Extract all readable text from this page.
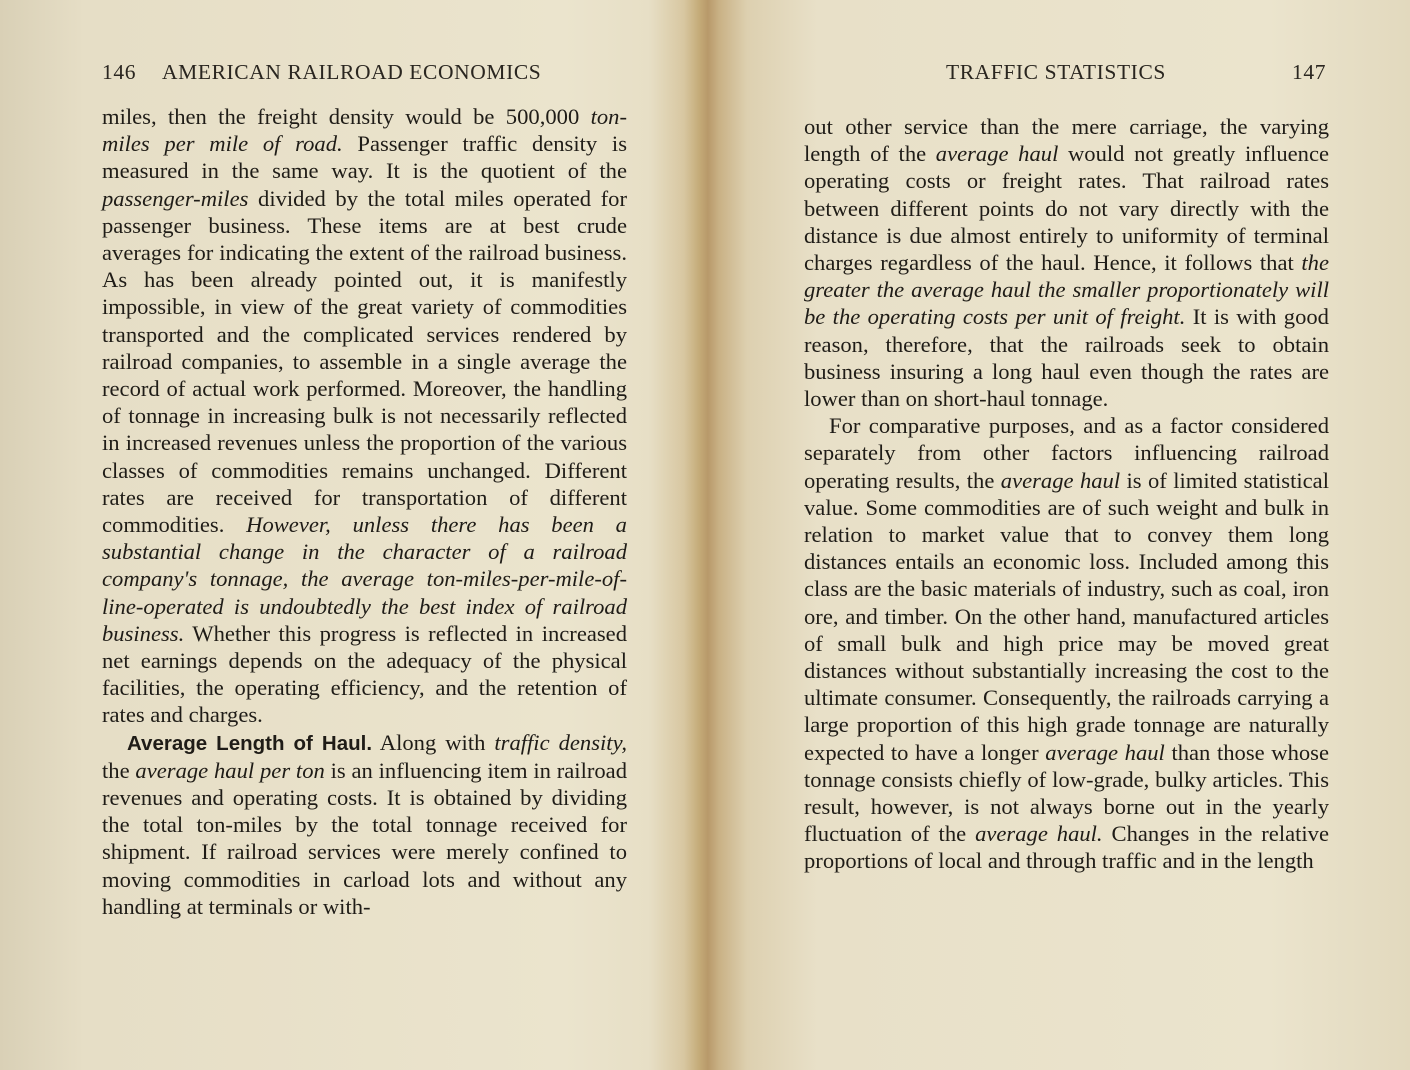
146 AMERICAN RAILROAD ECONOMICS

miles, then the freight density would be 500,000 ton-miles per mile of road. Passenger traffic density is measured in the same way. It is the quotient of the passenger-miles divided by the total miles operated for passenger business. These items are at best crude averages for indicating the extent of the railroad business. As has been already pointed out, it is manifestly impossible, in view of the great variety of commodities transported and the complicated services rendered by railroad companies, to assemble in a single average the record of actual work performed. Moreover, the handling of tonnage in increasing bulk is not necessarily reflected in increased revenues unless the proportion of the various classes of commodities remains unchanged. Different rates are received for transportation of different commodities. However, unless there has been a substantial change in the character of a railroad company's tonnage, the average ton-miles-per-mile-of-line-operated is undoubtedly the best index of railroad business. Whether this progress is reflected in increased net earnings depends on the adequacy of the physical facilities, the operating efficiency, and the retention of rates and charges.

Average Length of Haul. Along with traffic density, the average haul per ton is an influencing item in railroad revenues and operating costs. It is obtained by dividing the total ton-miles by the total tonnage received for shipment. If railroad services were merely confined to moving commodities in carload lots and without any handling at terminals or with-

TRAFFIC STATISTICS	147

out other service than the mere carriage, the varying length of the average haul would not greatly influence operating costs or freight rates. That railroad rates between different points do not vary directly with the distance is due almost entirely to uniformity of terminal charges regardless of the haul. Hence, it follows that the greater the average haul the smaller proportionately will be the operating costs per unit of freight. It is with good reason, therefore, that the railroads seek to obtain business insuring a long haul even though the rates are lower than on short-haul tonnage.

For comparative purposes, and as a factor considered separately from other factors influencing railroad operating results, the average haul is of limited statistical value. Some commodities are of such weight and bulk in relation to market value that to convey them long distances entails an economic loss. Included among this class are the basic materials of industry, such as coal, iron ore, and timber. On the other hand, manufactured articles of small bulk and high price may be moved great distances without substantially increasing the cost to the ultimate consumer. Consequently, the railroads carrying a large proportion of this high grade tonnage are naturally expected to have a longer average haul than those whose tonnage consists chiefly of low-grade, bulky articles. This result, however, is not always borne out in the yearly fluctuation of the average haul. Changes in the relative proportions of local and through traffic and in the length
